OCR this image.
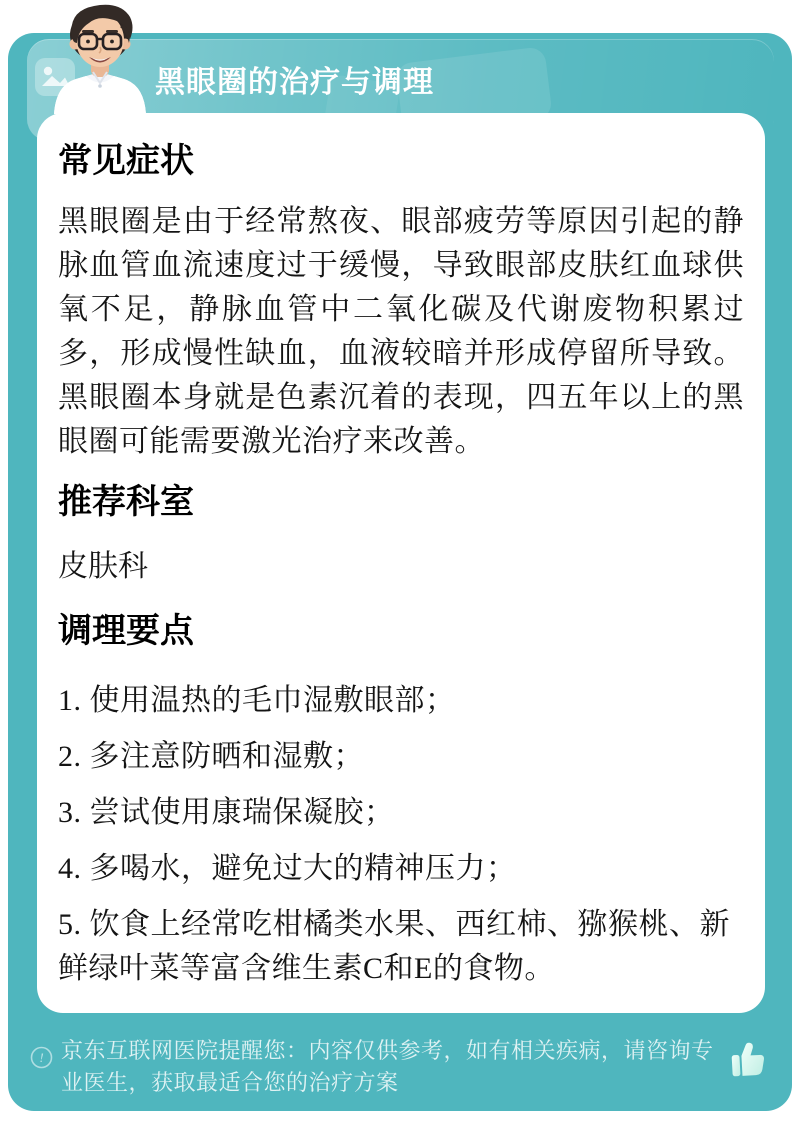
黑眼圈的治疗与调理
! 京东互联网医院提醒您：内容仅供参考，如有相关疾病，请咨询专业医生，获取最适合您的治疗方案

常见症状

黑眼圈是由于经常熬夜、眼部疲劳等原因引起的静脉血管血流速度过于缓慢，导致眼部皮肤红血球供氧不足，静脉血管中二氧化碳及代谢废物积累过多，形成慢性缺血，血液较暗并形成停留所导致。黑眼圈本身就是色素沉着的表现，四五年以上的黑眼圈可能需要激光治疗来改善。

推荐科室

皮肤科

调理要点

1. 使用温热的毛巾湿敷眼部；

2. 多注意防晒和湿敷；

3. 尝试使用康瑞保凝胶；

4. 多喝水，避免过大的精神压力；

5. 饮食上经常吃柑橘类水果、西红柿、猕猴桃、新鲜绿叶菜等富含维生素C和E的食物。
